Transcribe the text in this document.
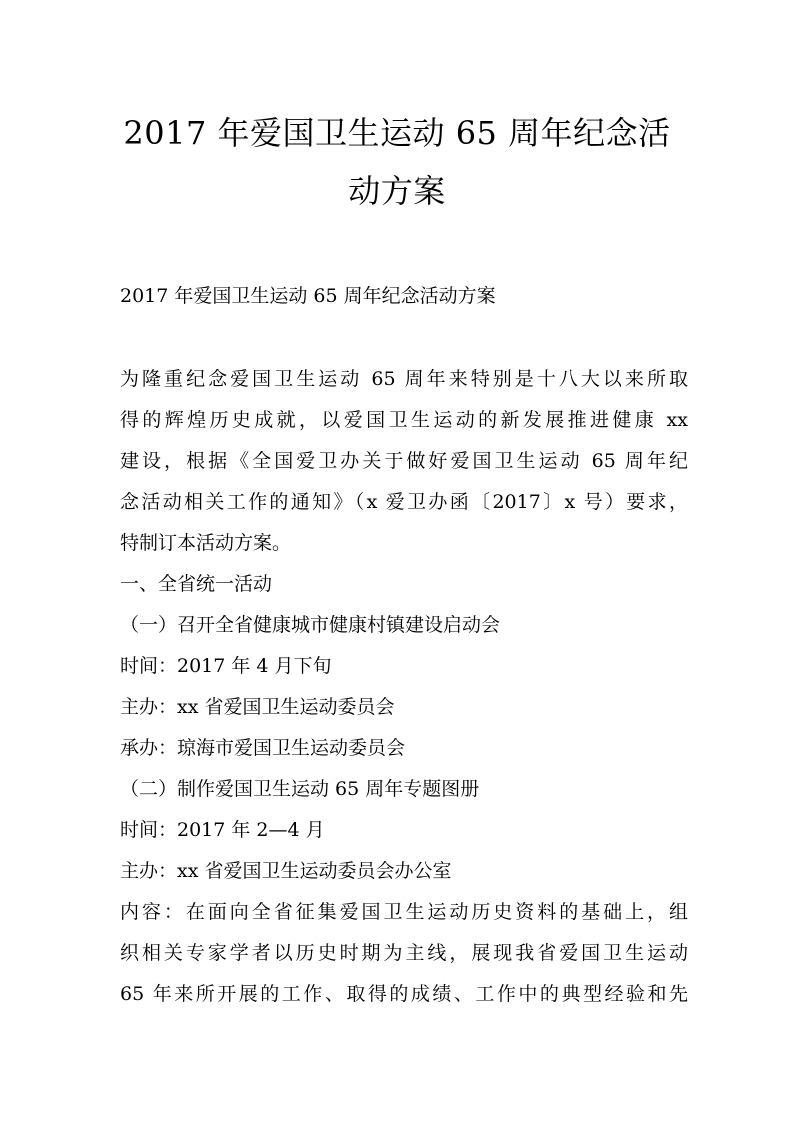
2017 年爱国卫生运动 65 周年纪念活
动方案

2017 年爱国卫生运动 65 周年纪念活动方案

为隆重纪念爱国卫生运动 65 周年来特别是十八大以来所取

得的辉煌历史成就，以爱国卫生运动的新发展推进健康 xx

建设，根据《全国爱卫办关于做好爱国卫生运动 65 周年纪

念活动相关工作的通知》（x 爱卫办函〔2017〕x 号）要求，

特制订本活动方案。

一、全省统一活动

（一）召开全省健康城市健康村镇建设启动会

时间：2017 年 4 月下旬

主办：xx 省爱国卫生运动委员会

承办：琼海市爱国卫生运动委员会

（二）制作爱国卫生运动 65 周年专题图册

时间：2017 年 2—4 月

主办：xx 省爱国卫生运动委员会办公室

内容：在面向全省征集爱国卫生运动历史资料的基础上，组

织相关专家学者以历史时期为主线，展现我省爱国卫生运动

65 年来所开展的工作、取得的成绩、工作中的典型经验和先
